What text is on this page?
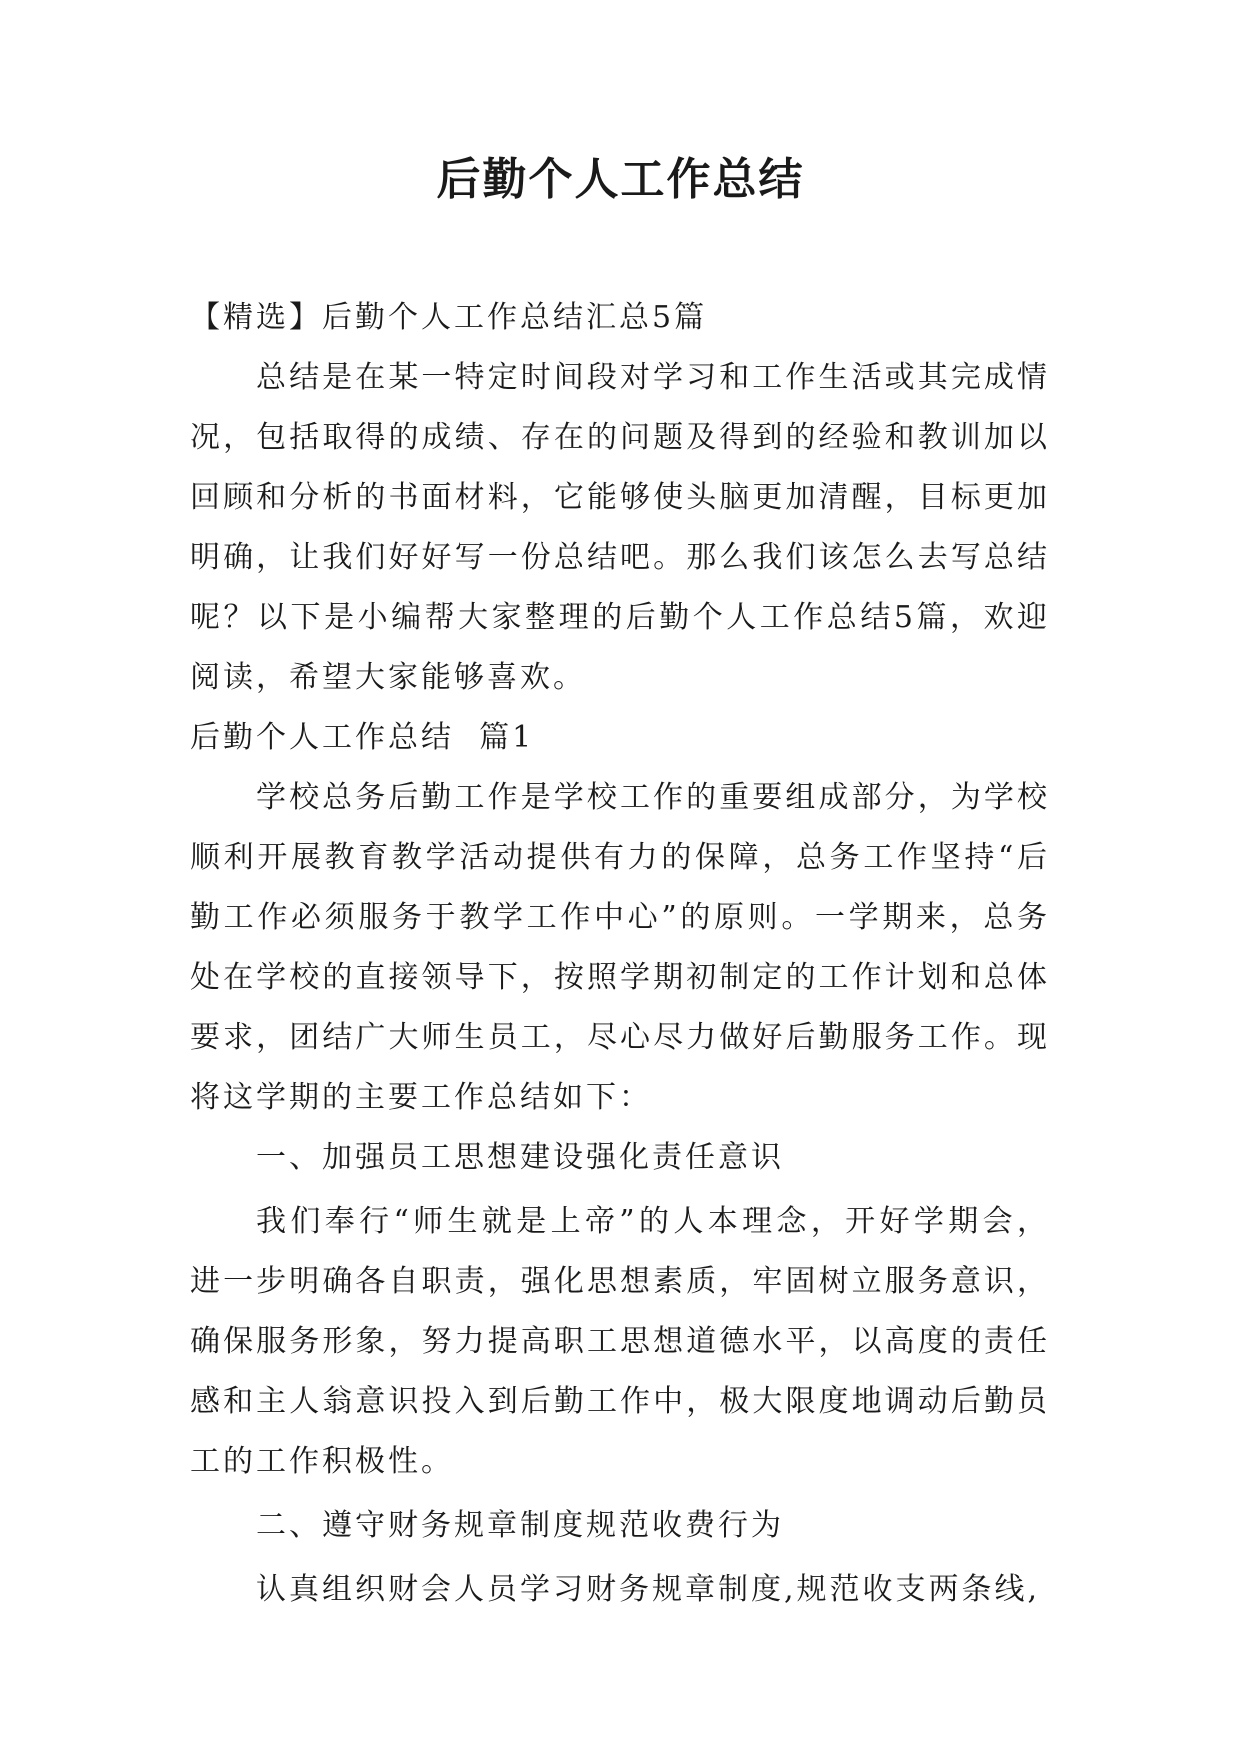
后勤个人工作总结

【精选】后勤个人工作总结汇总5篇

总结是在某一特定时间段对学习和工作生活或其完成情况，包括取得的成绩、存在的问题及得到的经验和教训加以回顾和分析的书面材料，它能够使头脑更加清醒，目标更加明确，让我们好好写一份总结吧。那么我们该怎么去写总结呢？以下是小编帮大家整理的后勤个人工作总结5篇，欢迎阅读，希望大家能够喜欢。

后勤个人工作总结  篇1

学校总务后勤工作是学校工作的重要组成部分，为学校顺利开展教育教学活动提供有力的保障，总务工作坚持“后勤工作必须服务于教学工作中心”的原则。一学期来，总务处在学校的直接领导下，按照学期初制定的工作计划和总体要求，团结广大师生员工，尽心尽力做好后勤服务工作。现将这学期的主要工作总结如下：

一、加强员工思想建设强化责任意识

我们奉行“师生就是上帝”的人本理念，开好学期会，进一步明确各自职责，强化思想素质，牢固树立服务意识，确保服务形象，努力提高职工思想道德水平，以高度的责任感和主人翁意识投入到后勤工作中，极大限度地调动后勤员工的工作积极性。

二、遵守财务规章制度规范收费行为

认真组织财会人员学习财务规章制度,规范收支两条线,
